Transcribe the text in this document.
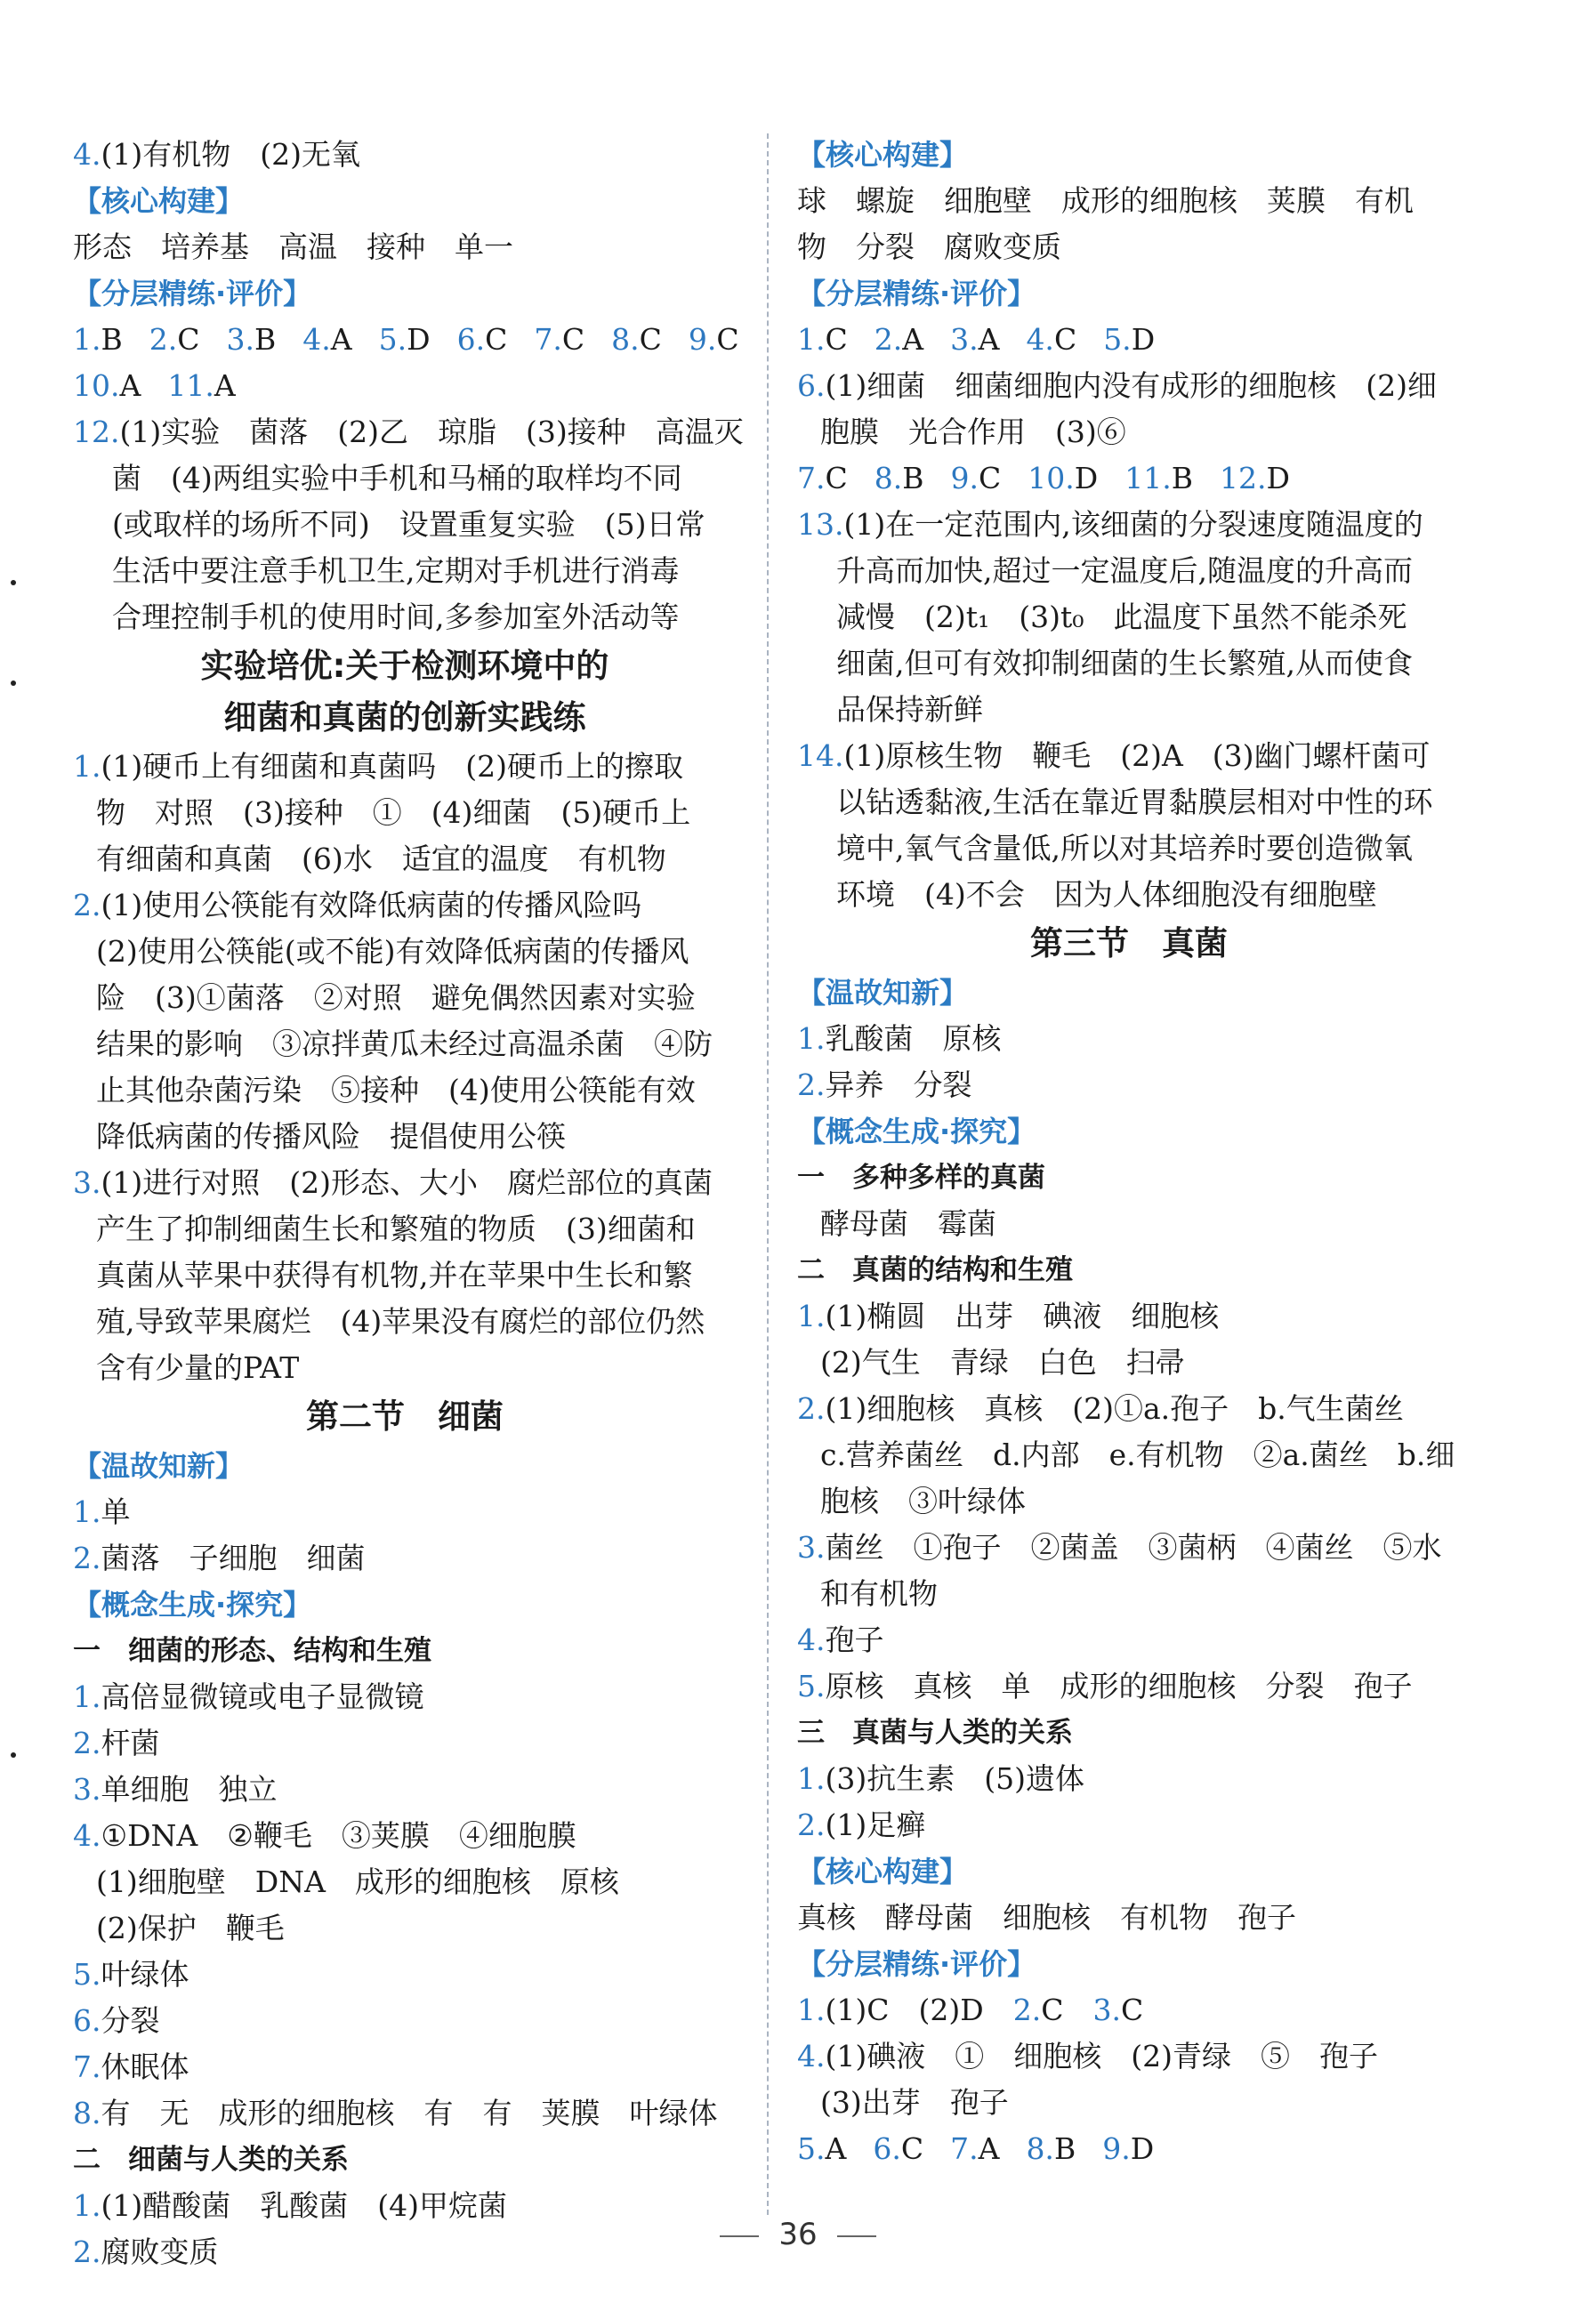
4.(1)有机物　(2)无氧
【核心构建】
形态　培养基　高温　接种　单一
【分层精练·评价】
1.B 2.C 3.B 4.A 5.D 6.C 7.C 8.C 9.C
10.A 11.A
12.(1)实验　菌落　(2)乙　琼脂　(3)接种　高温灭
菌　(4)两组实验中手机和马桶的取样均不同
(或取样的场所不同)　设置重复实验　(5)日常
生活中要注意手机卫生,定期对手机进行消毒
合理控制手机的使用时间,多参加室外活动等
实验培优:关于检测环境中的
细菌和真菌的创新实践练
1.(1)硬币上有细菌和真菌吗　(2)硬币上的擦取
物　对照　(3)接种　①　(4)细菌　(5)硬币上
有细菌和真菌　(6)水　适宜的温度　有机物
2.(1)使用公筷能有效降低病菌的传播风险吗
(2)使用公筷能(或不能)有效降低病菌的传播风
险　(3)①菌落　②对照　避免偶然因素对实验
结果的影响　③凉拌黄瓜未经过高温杀菌　④防
止其他杂菌污染　⑤接种　(4)使用公筷能有效
降低病菌的传播风险　提倡使用公筷
3.(1)进行对照　(2)形态、大小　腐烂部位的真菌
产生了抑制细菌生长和繁殖的物质　(3)细菌和
真菌从苹果中获得有机物,并在苹果中生长和繁
殖,导致苹果腐烂　(4)苹果没有腐烂的部位仍然
含有少量的PAT
第二节　细菌
【温故知新】
1.单
2.菌落　子细胞　细菌
【概念生成·探究】
一　细菌的形态、结构和生殖
1.高倍显微镜或电子显微镜
2.杆菌
3.单细胞　独立
4.①DNA　②鞭毛　③荚膜　④细胞膜
(1)细胞壁　DNA　成形的细胞核　原核
(2)保护　鞭毛
5.叶绿体
6.分裂
7.休眠体
8.有　无　成形的细胞核　有　有　荚膜　叶绿体
二　细菌与人类的关系
1.(1)醋酸菌　乳酸菌　(4)甲烷菌
2.腐败变质
【核心构建】
球　螺旋　细胞壁　成形的细胞核　荚膜　有机
物　分裂　腐败变质
【分层精练·评价】
1.C 2.A 3.A 4.C 5.D
6.(1)细菌　细菌细胞内没有成形的细胞核　(2)细
胞膜　光合作用　(3)⑥
7.C 8.B 9.C 10.D 11.B 12.D
13.(1)在一定范围内,该细菌的分裂速度随温度的
升高而加快,超过一定温度后,随温度的升高而
减慢　(2)t₁　(3)t₀　此温度下虽然不能杀死
细菌,但可有效抑制细菌的生长繁殖,从而使食
品保持新鲜
14.(1)原核生物　鞭毛　(2)A　(3)幽门螺杆菌可
以钻透黏液,生活在靠近胃黏膜层相对中性的环
境中,氧气含量低,所以对其培养时要创造微氧
环境　(4)不会　因为人体细胞没有细胞壁
第三节　真菌
【温故知新】
1.乳酸菌　原核
2.异养　分裂
【概念生成·探究】
一　多种多样的真菌
酵母菌　霉菌
二　真菌的结构和生殖
1.(1)椭圆　出芽　碘液　细胞核
(2)气生　青绿　白色　扫帚
2.(1)细胞核　真核　(2)①a.孢子　b.气生菌丝
c.营养菌丝　d.内部　e.有机物　②a.菌丝　b.细
胞核　③叶绿体
3.菌丝　①孢子　②菌盖　③菌柄　④菌丝　⑤水
和有机物
4.孢子
5.原核　真核　单　成形的细胞核　分裂　孢子
三　真菌与人类的关系
1.(3)抗生素　(5)遗体
2.(1)足癣
【核心构建】
真核　酵母菌　细胞核　有机物　孢子
【分层精练·评价】
1.(1)C　(2)D　2.C　3.C
4.(1)碘液　①　细胞核　(2)青绿　⑤　孢子
(3)出芽　孢子
5.A 6.C 7.A 8.B 9.D
36
